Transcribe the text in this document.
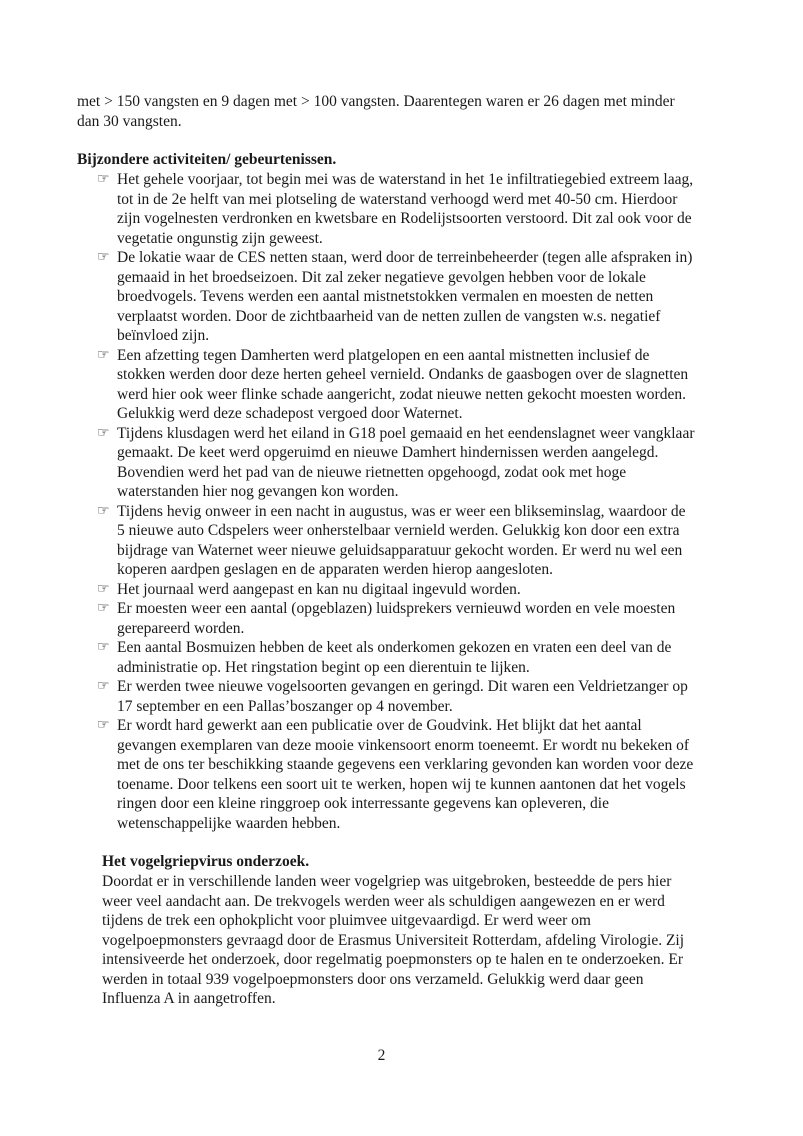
met > 150 vangsten en 9 dagen met > 100 vangsten. Daarentegen waren er 26 dagen met minder dan 30 vangsten.

Bijzondere activiteiten/ gebeurtenissen.

☞ Het gehele voorjaar, tot begin mei was de waterstand in het 1e infiltratiegebied extreem laag, tot in de 2e helft van mei plotseling de waterstand verhoogd werd met 40-50 cm. Hierdoor zijn vogelnesten verdronken en kwetsbare en Rodelijstsoorten verstoord. Dit zal ook voor de vegetatie ongunstig zijn geweest.
☞ De lokatie waar de CES netten staan, werd door de terreinbeheerder (tegen alle afspraken in) gemaaid in het broedseizoen. Dit zal zeker negatieve gevolgen hebben voor de lokale broedvogels. Tevens werden een aantal mistnetstokken vermalen en moesten de netten verplaatst worden. Door de zichtbaarheid van de netten zullen de vangsten w.s. negatief beïnvloed zijn.
☞ Een afzetting tegen Damherten werd platgelopen en een aantal mistnetten inclusief de stokken werden door deze herten geheel vernield. Ondanks de gaasbogen over de slagnetten werd hier ook weer flinke schade aangericht, zodat nieuwe netten gekocht moesten worden. Gelukkig werd deze schadepost vergoed door Waternet.
☞ Tijdens klusdagen werd het eiland in G18 poel gemaaid en het eendenslagnet weer vangklaar gemaakt. De keet werd opgeruimd en nieuwe Damhert hindernissen werden aangelegd. Bovendien werd het pad van de nieuwe rietnetten opgehoogd, zodat ook met hoge waterstanden hier nog gevangen kon worden.
☞ Tijdens hevig onweer in een nacht in augustus, was er weer een blikseminslag, waardoor de 5 nieuwe auto Cdspelers weer onherstelbaar vernield werden. Gelukkig kon door een extra bijdrage van Waternet weer nieuwe geluidsapparatuur gekocht worden. Er werd nu wel een koperen aardpen geslagen en de apparaten werden hierop aangesloten.
☞ Het journaal werd aangepast en kan nu digitaal ingevuld worden.
☞ Er moesten weer een aantal (opgeblazen) luidsprekers vernieuwd worden en vele moesten gerepareerd worden.
☞ Een aantal Bosmuizen hebben de keet als onderkomen gekozen en vraten een deel van de administratie op. Het ringstation begint op een dierentuin te lijken.
☞ Er werden twee nieuwe vogelsoorten gevangen en geringd. Dit waren een Veldrietzanger op 17 september en een Pallas’boszanger op 4 november.
☞ Er wordt hard gewerkt aan een publicatie over de Goudvink. Het blijkt dat het aantal gevangen exemplaren van deze mooie vinkensoort enorm toeneemt. Er wordt nu bekeken of met de ons ter beschikking staande gegevens een verklaring gevonden kan worden voor deze toename. Door telkens een soort uit te werken, hopen wij te kunnen aantonen dat het vogels ringen door een kleine ringgroep ook interressante gegevens kan opleveren, die wetenschappelijke waarden hebben.

Het vogelgriepvirus onderzoek.

Doordat er in verschillende landen weer vogelgriep was uitgebroken, besteedde de pers hier weer veel aandacht aan. De trekvogels werden weer als schuldigen aangewezen en er werd tijdens de trek een ophokplicht voor pluimvee uitgevaardigd. Er werd weer om vogelpoepmonsters gevraagd door de Erasmus Universiteit Rotterdam, afdeling Virologie. Zij intensiveerde het onderzoek, door regelmatig poepmonsters op te halen en te onderzoeken. Er werden in totaal 939 vogelpoepmonsters door ons verzameld. Gelukkig werd daar geen Influenza A in aangetroffen.

2
